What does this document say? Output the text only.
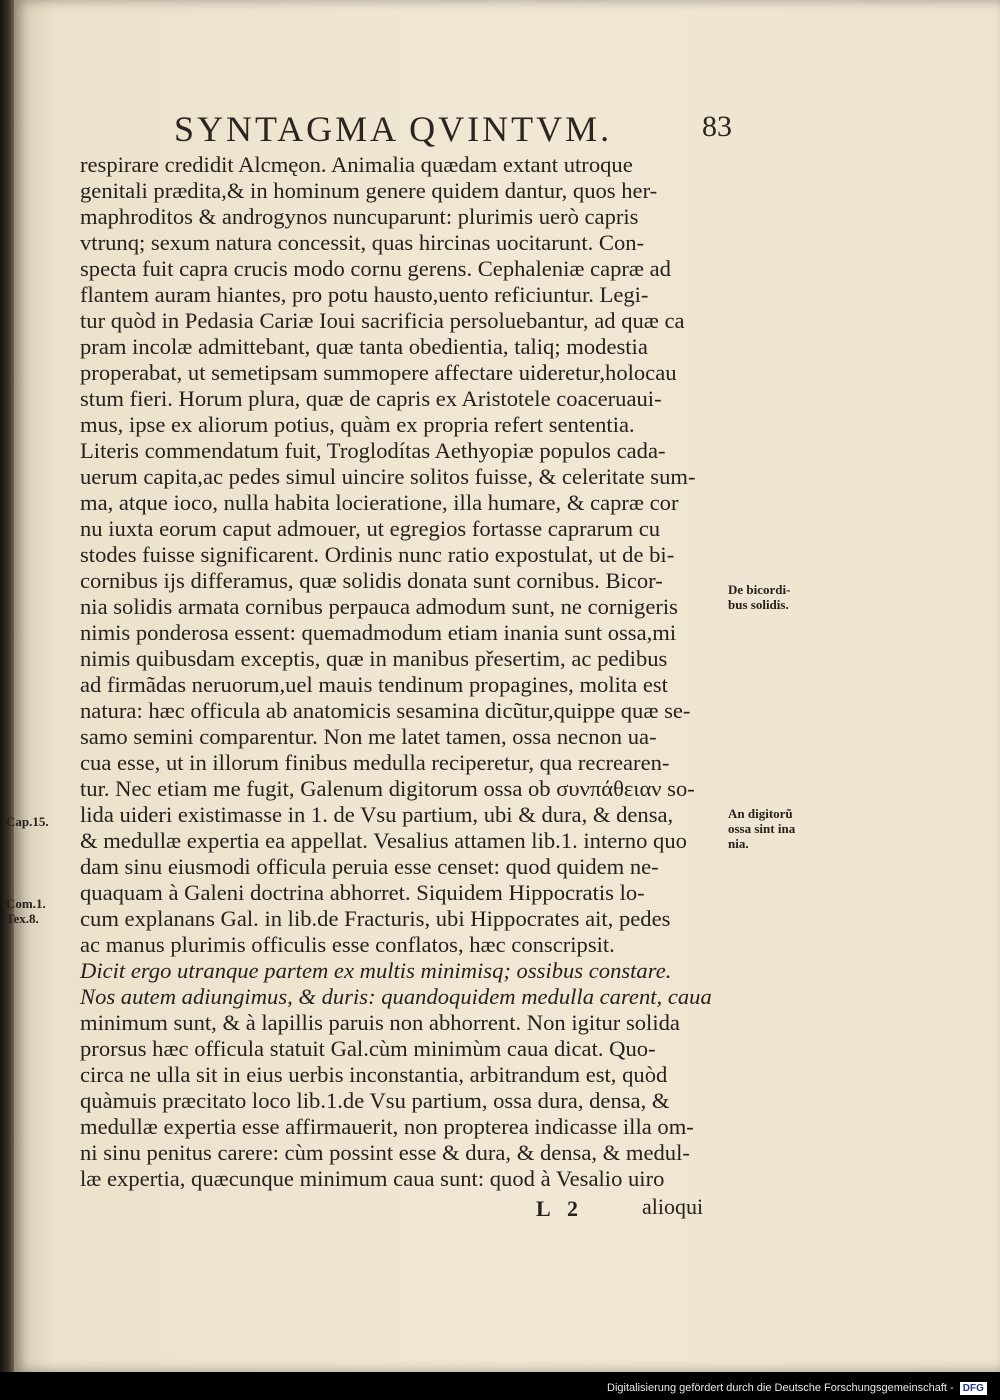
SYNTAGMA QVINTVM.	83
respirare credidit Alcmęon. Animalia quædam extant utroque
genitali prædita,& in hominum genere quidem dantur, quos her-
maphroditos & androgynos nuncuparunt: plurimis uerò capris
vtrunq; sexum natura concessit, quas hircinas uocitarunt. Con-
specta fuit capra crucis modo cornu gerens. Cephaleniæ capræ ad
flantem auram hiantes, pro potu hausto,uento reficiuntur. Legi-
tur quòd in Pedasia Cariæ Ioui sacrificia persoluebantur, ad quæ ca
pram incolæ admittebant, quæ tanta obedientia, taliq; modestia
properabat, ut semetipsam summopere affectare uideretur,holocau
stum fieri. Horum plura, quæ de capris ex Aristotele coaceruaui-
mus, ipse ex aliorum potius, quàm ex propria refert sententia.
Literis commendatum fuit, Troglodítas Aethyopiæ populos cada-
uerum capita,ac pedes simul uincire solitos fuisse, & celeritate sum-
ma, atque ioco, nulla habita locieratione, illa humare, & capræ cor
nu iuxta eorum caput admouer, ut egregios fortasse caprarum cu
stodes fuisse significarent. Ordinis nunc ratio expostulat, ut de bi-
cornibus ijs differamus, quæ solidis donata sunt cornibus. Bicor-
nia solidis armata cornibus perpauca admodum sunt, ne cornigeris
nimis ponderosa essent: quemadmodum etiam inania sunt ossa,mi
nimis quibusdam exceptis, quæ in manibus přesertim, ac pedibus
ad firmãdas neruorum,uel mauis tendinum propagines, molita est
natura: hæc officula ab anatomicis sesamina dicũtur,quippe quæ se-
samo semini comparentur. Non me latet tamen, ossa necnon ua-
cua esse, ut in illorum finibus medulla reciperetur, qua recrearen-
tur. Nec etiam me fugit, Galenum digitorum ossa ob συνπάθειαν so-
lida uideri existimasse in 1. de Vsu partium, ubi & dura, & densa,
& medullæ expertia ea appellat. Vesalius attamen lib.1. interno quo
dam sinu eiusmodi officula peruia esse censet: quod quidem ne-
quaquam à Galeni doctrina abhorret. Siquidem Hippocratis lo-
cum explanans Gal. in lib.de Fracturis, ubi Hippocrates ait, pedes
ac manus plurimis officulis esse conflatos, hæc conscripsit.
Dicit ergo utranque partem ex multis minimisq; ossibus constare.
Nos autem adiungimus, & duris: quandoquidem medulla carent, caua
minimum sunt, & à lapillis paruis non abhorrent. Non igitur solida
prorsus hæc officula statuit Gal.cùm minimùm caua dicat. Quo-
circa ne ulla sit in eius uerbis inconstantia, arbitrandum est, quòd
quàmuis præcitato loco lib.1.de Vsu partium, ossa dura, densa, &
medullæ expertia esse affirmauerit, non propterea indicasse illa om-
ni sinu penitus carere: cùm possint esse & dura, & densa, & medul-
læ expertia, quæcunque minimum caua sunt: quod à Vesalio uiro
De bicordi-
bus solidis.
An digitorũ
ossa sint ina
nia.
Cap.15.
Com.1.
Tex.8.
L 2	alioqui
Digitalisierung gefördert durch die Deutsche Forschungsgemeinschaft - DFG
